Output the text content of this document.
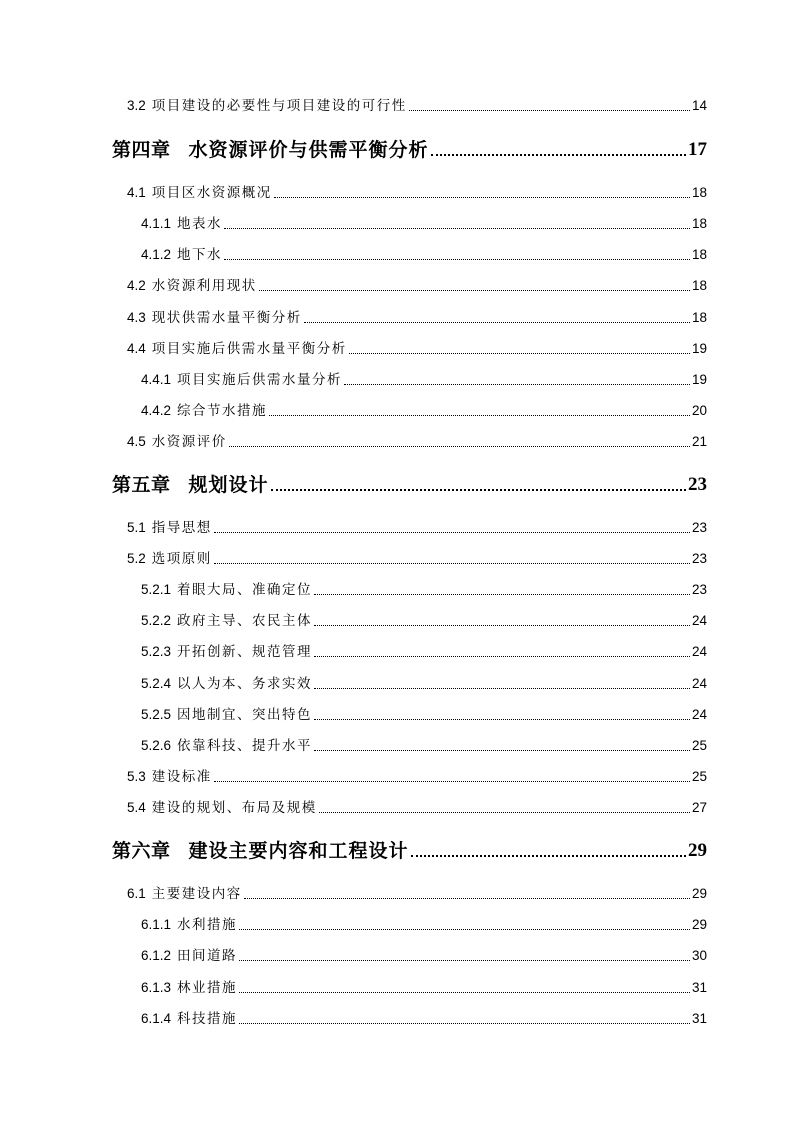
3.2 项目建设的必要性与项目建设的可行性	14
第四章 水资源评价与供需平衡分析	17
4.1 项目区水资源概况	18
4.1.1 地表水	18
4.1.2 地下水	18
4.2 水资源利用现状	18
4.3 现状供需水量平衡分析	18
4.4 项目实施后供需水量平衡分析	19
4.4.1 项目实施后供需水量分析	19
4.4.2 综合节水措施	20
4.5 水资源评价	21
第五章 规划设计	23
5.1 指导思想	23
5.2 选项原则	23
5.2.1 着眼大局、准确定位	23
5.2.2 政府主导、农民主体	24
5.2.3 开拓创新、规范管理	24
5.2.4 以人为本、务求实效	24
5.2.5 因地制宜、突出特色	24
5.2.6 依靠科技、提升水平	25
5.3 建设标准	25
5.4 建设的规划、布局及规模	27
第六章 建设主要内容和工程设计	29
6.1 主要建设内容	29
6.1.1 水利措施	29
6.1.2 田间道路	30
6.1.3 林业措施	31
6.1.4 科技措施	31
